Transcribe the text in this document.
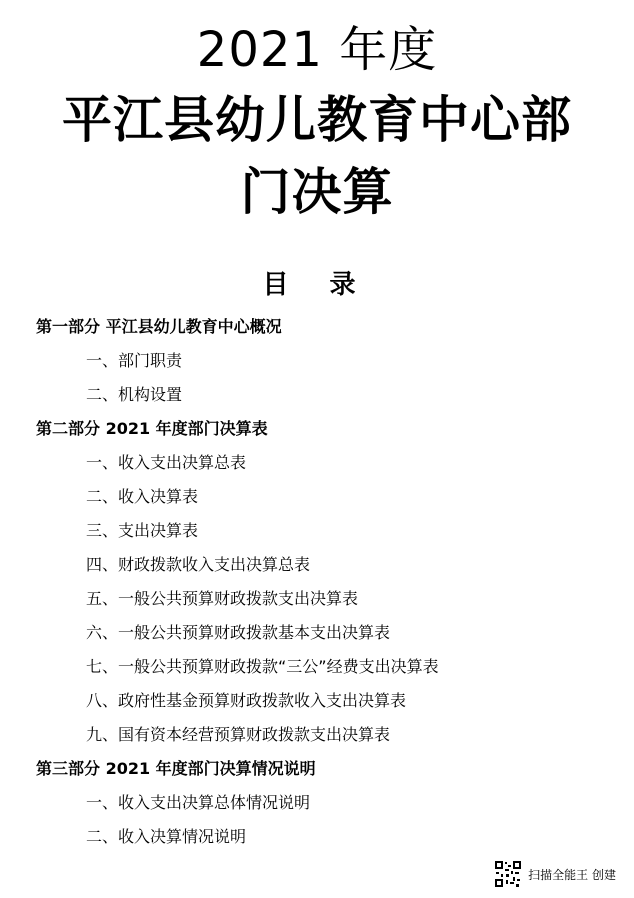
2021 年度
平江县幼儿教育中心部
门决算
目 录
第一部分 平江县幼儿教育中心概况
一、部门职责
二、机构设置
第二部分 2021 年度部门决算表
一、收入支出决算总表
二、收入决算表
三、支出决算表
四、财政拨款收入支出决算总表
五、一般公共预算财政拨款支出决算表
六、一般公共预算财政拨款基本支出决算表
七、一般公共预算财政拨款“三公”经费支出决算表
八、政府性基金预算财政拨款收入支出决算表
九、国有资本经营预算财政拨款支出决算表
第三部分 2021 年度部门决算情况说明
一、收入支出决算总体情况说明
二、收入决算情况说明
扫描全能王 创建
